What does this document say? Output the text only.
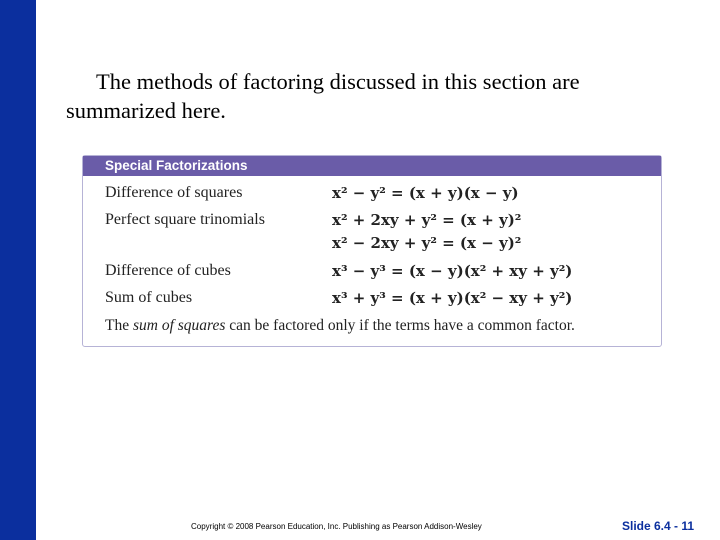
The methods of factoring discussed in this section are summarized here.

Special Factorizations
Difference of squares	x² − y² = (x + y)(x − y)
Perfect square trinomials	x² + 2xy + y² = (x + y)²
x² − 2xy + y² = (x − y)²
Difference of cubes	x³ − y³ = (x − y)(x² + xy + y²)
Sum of cubes	x³ + y³ = (x + y)(x² − xy + y²)
The sum of squares can be factored only if the terms have a common factor.
Copyright © 2008 Pearson Education, Inc. Publishing as Pearson Addison-Wesley	Slide 6.4 - 11
